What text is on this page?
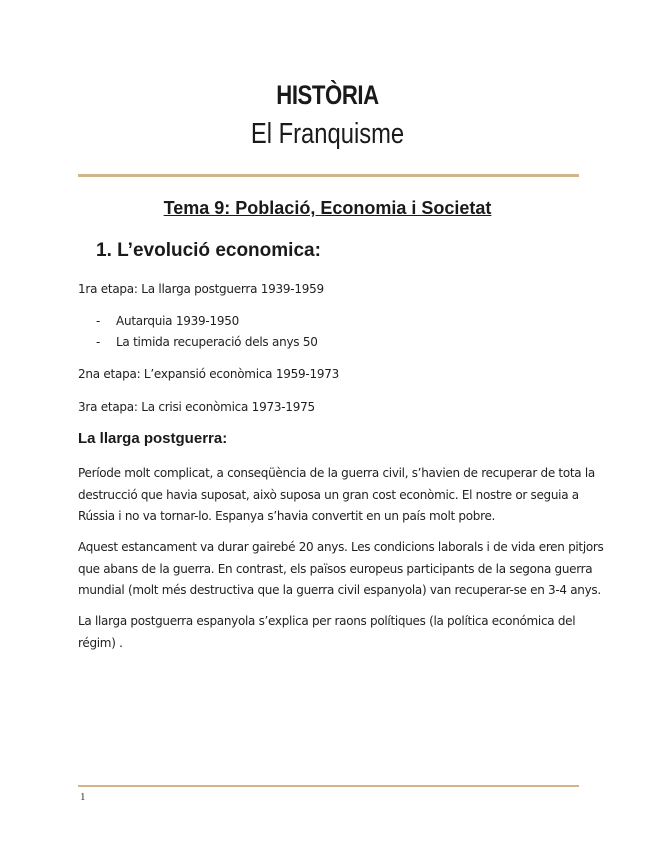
HISTÒRIA
El Franquisme
Tema 9: Població, Economia i Societat
1. L’evolució economica:
1ra etapa: La llarga postguerra 1939-1959
- Autarquia 1939-1950
- La timida recuperació dels anys 50
2na etapa: L’expansió econòmica 1959-1973
3ra etapa: La crisi econòmica 1973-1975
La llarga postguerra:
Període molt complicat, a conseqüència de la guerra civil, s’havien de recuperar de tota la
destrucció que havia suposat, això suposa un gran cost econòmic. El nostre or seguia a
Rússia i no va tornar-lo. Espanya s’havia convertit en un país molt pobre.
Aquest estancament va durar gairebé 20 anys. Les condicions laborals i de vida eren pitjors
que abans de la guerra. En contrast, els països europeus participants de la segona guerra
mundial (molt més destructiva que la guerra civil espanyola) van recuperar-se en 3-4 anys.
La llarga postguerra espanyola s’explica per raons polítiques (la política económica del
régim) .
1
